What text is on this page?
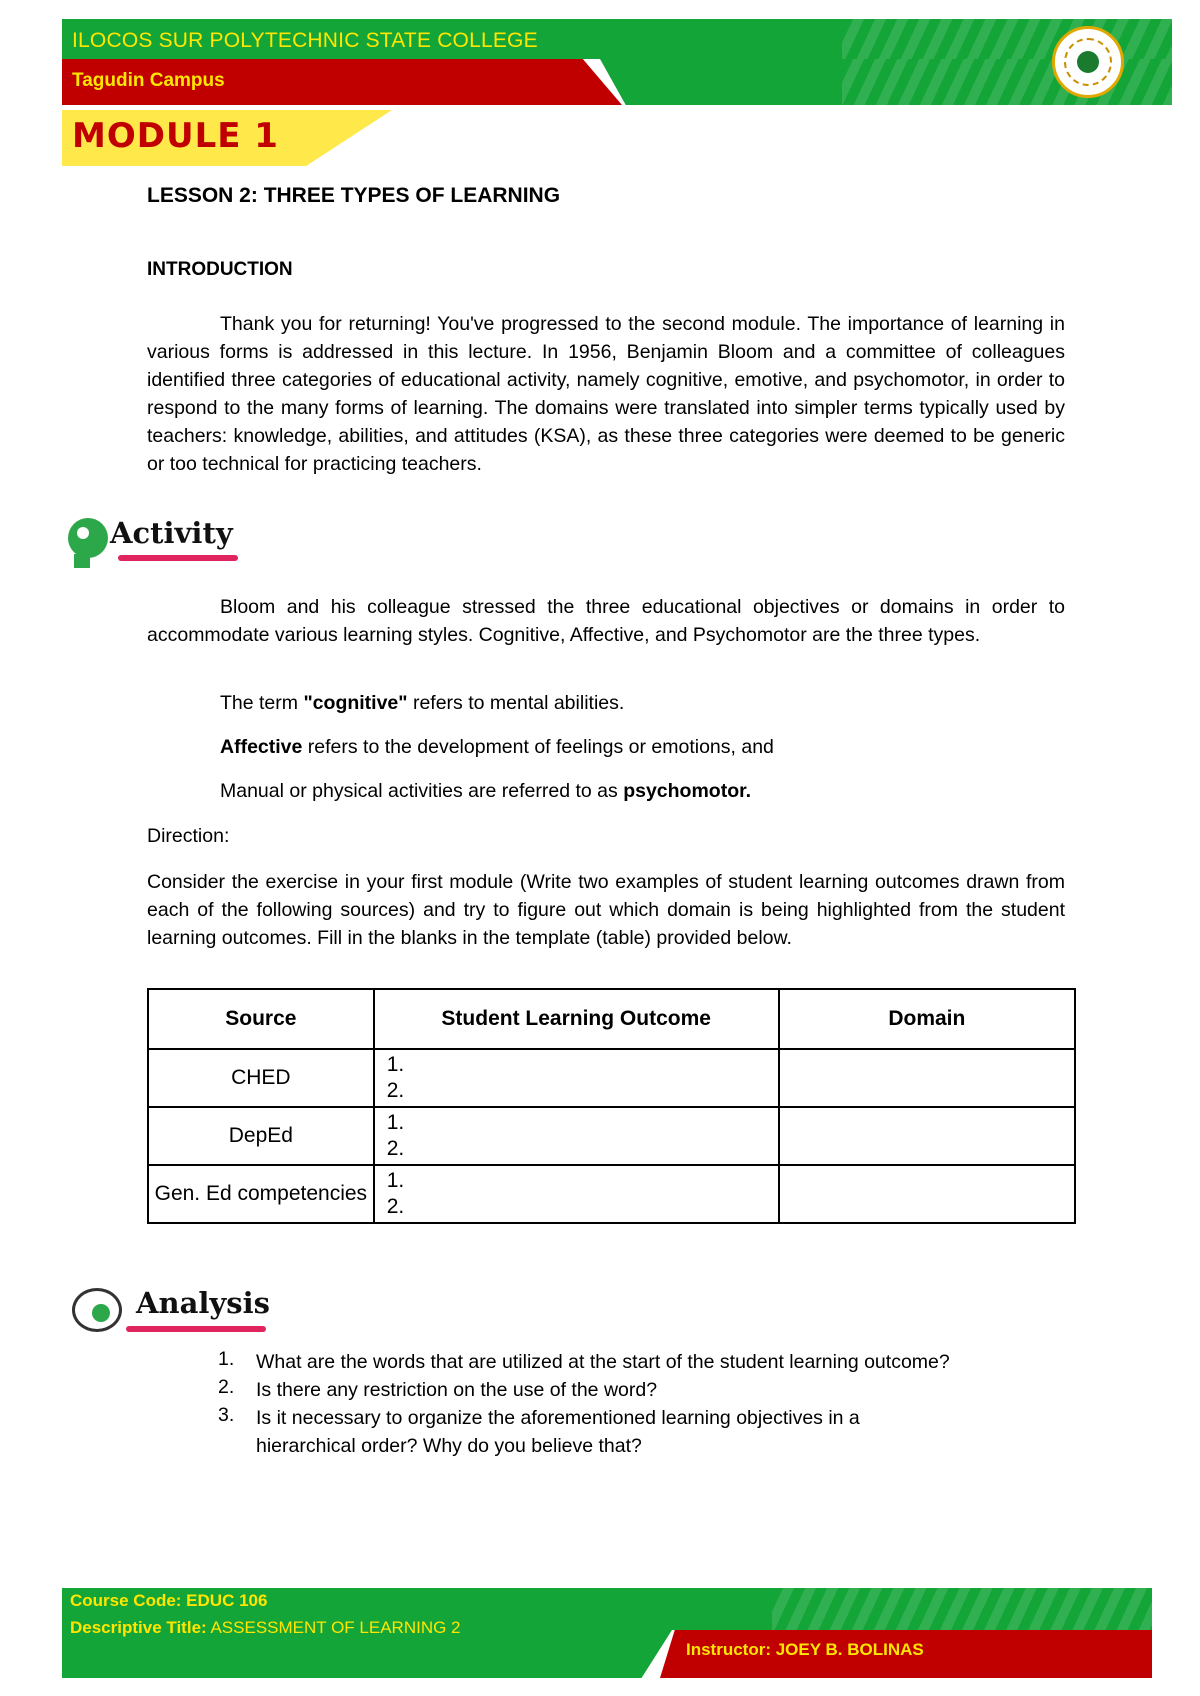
ILOCOS SUR POLYTECHNIC STATE COLLEGE
Tagudin Campus
MODULE 1
LESSON 2: THREE TYPES OF LEARNING
INTRODUCTION
Thank you for returning! You've progressed to the second module. The importance of learning in various forms is addressed in this lecture. In 1956, Benjamin Bloom and a committee of colleagues identified three categories of educational activity, namely cognitive, emotive, and psychomotor, in order to respond to the many forms of learning. The domains were translated into simpler terms typically used by teachers: knowledge, abilities, and attitudes (KSA), as these three categories were deemed to be generic or too technical for practicing teachers.
Activity
Bloom and his colleague stressed the three educational objectives or domains in order to accommodate various learning styles. Cognitive, Affective, and Psychomotor are the three types.
The term "cognitive" refers to mental abilities.
Affective refers to the development of feelings or emotions, and
Manual or physical activities are referred to as psychomotor.
Direction:
Consider the exercise in your first module (Write two examples of student learning outcomes drawn from each of the following sources) and try to figure out which domain is being highlighted from the student learning outcomes. Fill in the blanks in the template (table) provided below.
Source	Student Learning Outcome	Domain
CHED	1.
2.	

DepEd	1.
2.	

Gen. Ed competencies	1.
2.	

Analysis
1. What are the words that are utilized at the start of the student learning outcome?
2. Is there any restriction on the use of the word?
3. Is it necessary to organize the aforementioned learning objectives in a hierarchical order? Why do you believe that?
Course Code: EDUC 106
Descriptive Title: ASSESSMENT OF LEARNING 2
Instructor: JOEY B. BOLINAS
